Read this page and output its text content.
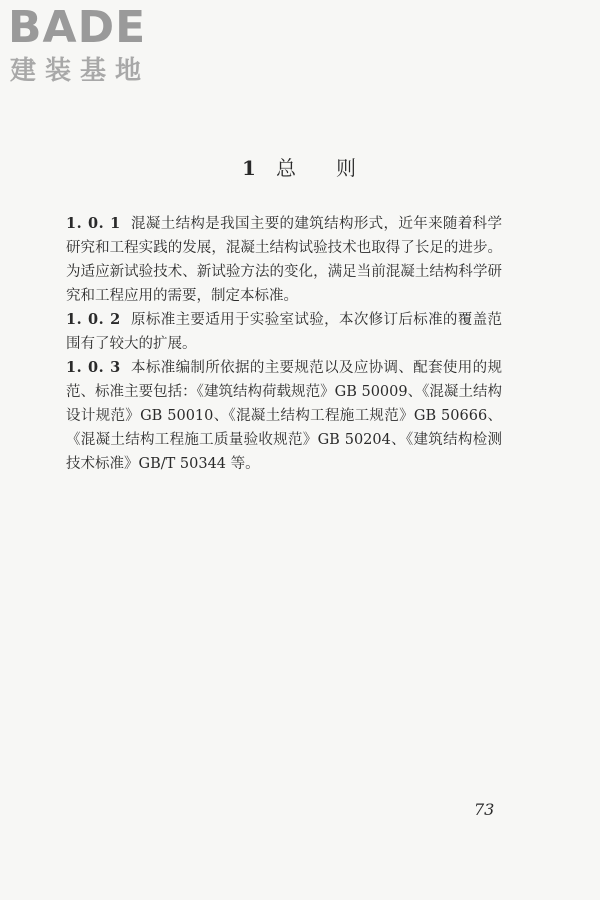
BADE
建装基地
1 总 则

1. 0. 1 混凝土结构是我国主要的建筑结构形式，近年来随着科学研究和工程实践的发展，混凝土结构试验技术也取得了长足的进步。为适应新试验技术、新试验方法的变化，满足当前混凝土结构科学研究和工程应用的需要，制定本标准。

1. 0. 2 原标准主要适用于实验室试验，本次修订后标准的覆盖范围有了较大的扩展。

1. 0. 3 本标准编制所依据的主要规范以及应协调、配套使用的规范、标准主要包括：《建筑结构荷载规范》GB 50009、《混凝土结构设计规范》GB 50010、《混凝土结构工程施工规范》GB 50666、《混凝土结构工程施工质量验收规范》GB 50204、《建筑结构检测技术标准》GB/T 50344 等。

73
